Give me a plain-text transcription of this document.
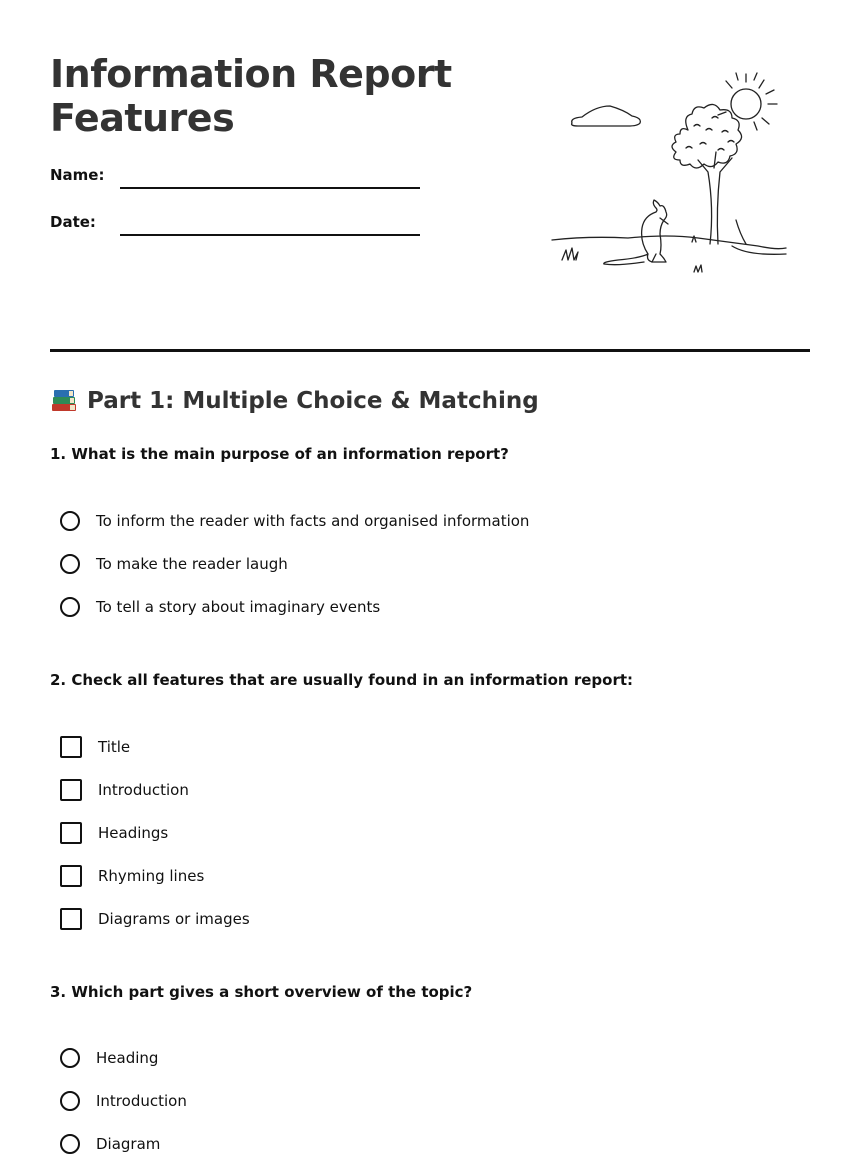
Information Report
Features
Name:
Date:
Part 1: Multiple Choice & Matching

1. What is the main purpose of an information report?

To inform the reader with facts and organised information
To make the reader laugh
To tell a story about imaginary events

2. Check all features that are usually found in an information report:

Title
Introduction
Headings
Rhyming lines
Diagrams or images

3. Which part gives a short overview of the topic?

Heading
Introduction
Diagram
